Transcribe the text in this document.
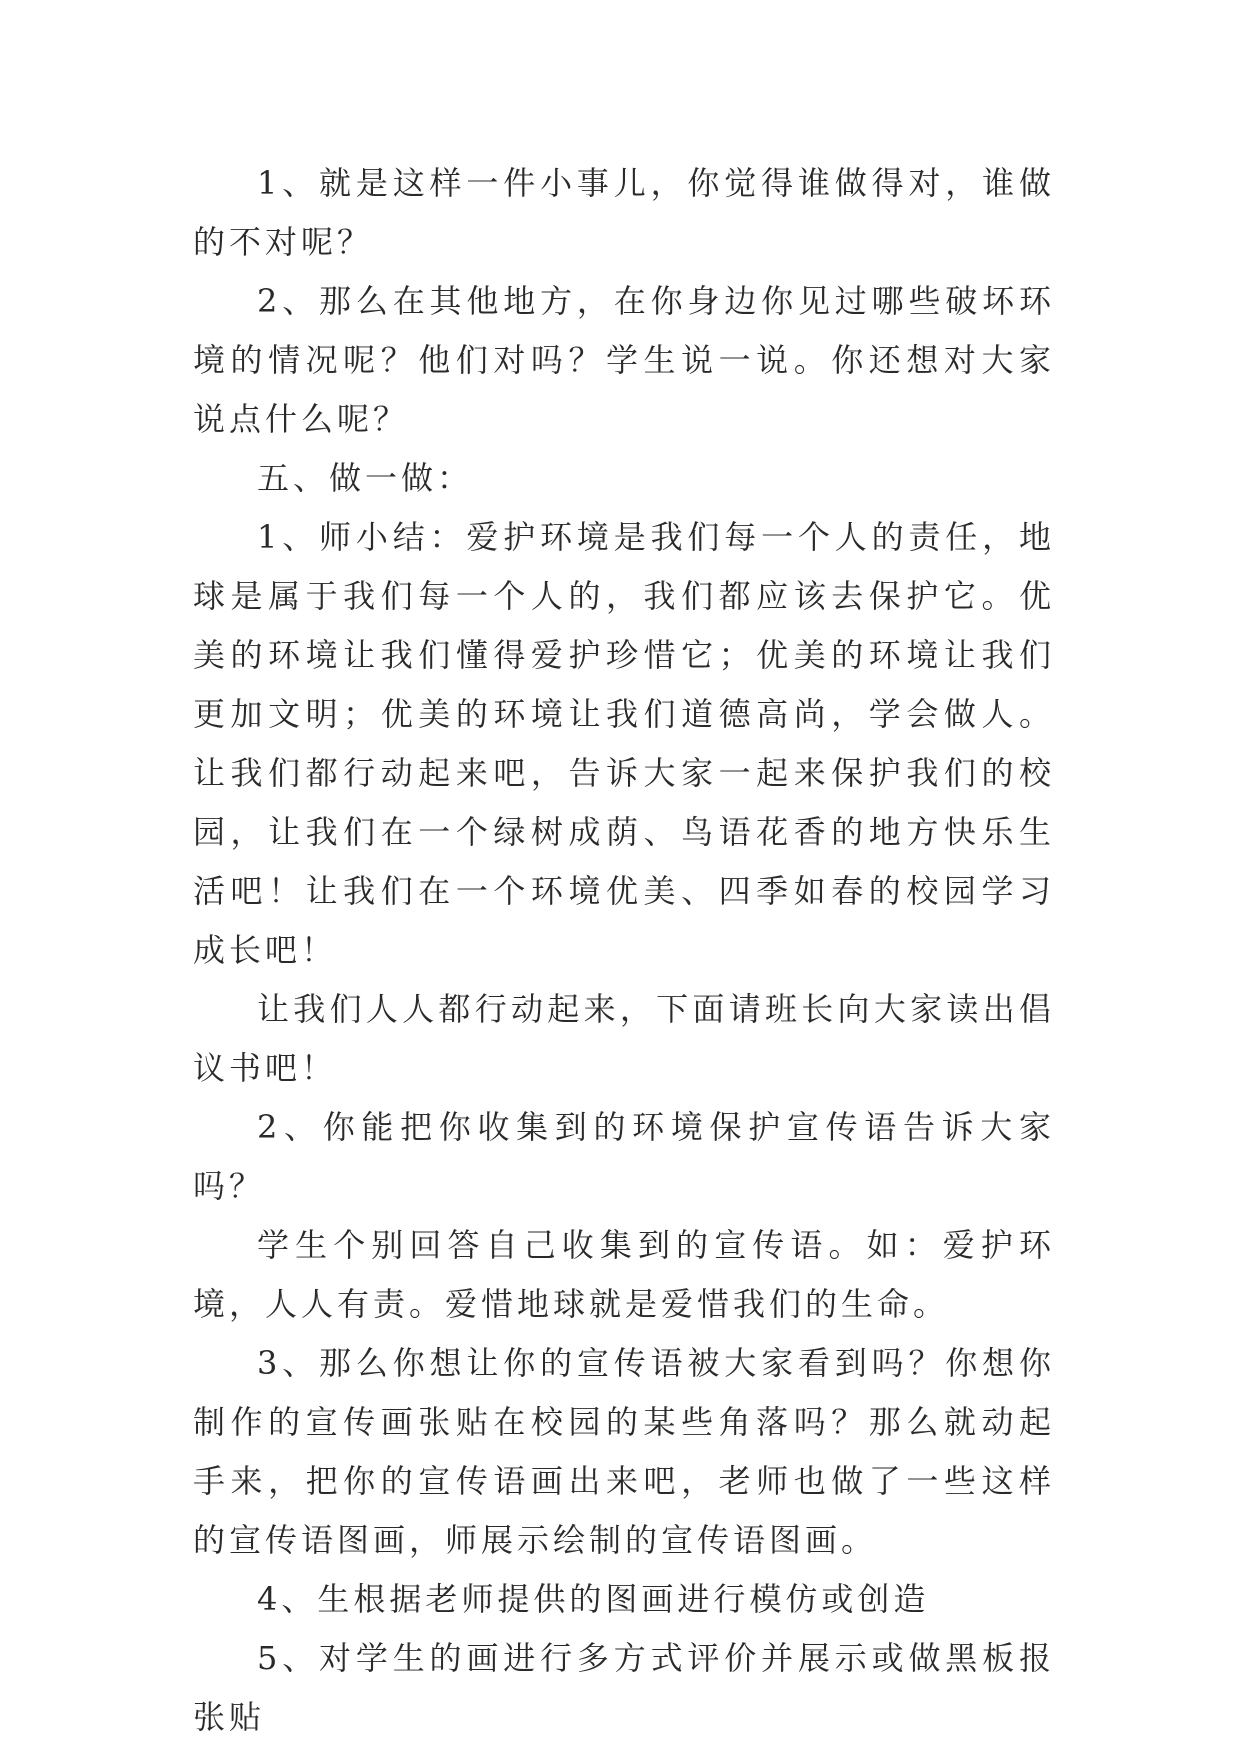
1、就是这样一件小事儿，你觉得谁做得对，谁做的不对呢？

2、那么在其他地方，在你身边你见过哪些破坏环境的情况呢？他们对吗？学生说一说。你还想对大家说点什么呢？

五、做一做：

1、师小结：爱护环境是我们每一个人的责任，地球是属于我们每一个人的，我们都应该去保护它。优美的环境让我们懂得爱护珍惜它；优美的环境让我们更加文明；优美的环境让我们道德高尚，学会做人。让我们都行动起来吧，告诉大家一起来保护我们的校园，让我们在一个绿树成荫、鸟语花香的地方快乐生活吧！让我们在一个环境优美、四季如春的校园学习成长吧！

让我们人人都行动起来，下面请班长向大家读出倡议书吧！

2、你能把你收集到的环境保护宣传语告诉大家吗？

学生个别回答自己收集到的宣传语。如：爱护环境，人人有责。爱惜地球就是爱惜我们的生命。

3、那么你想让你的宣传语被大家看到吗？你想你制作的宣传画张贴在校园的某些角落吗？那么就动起手来，把你的宣传语画出来吧，老师也做了一些这样的宣传语图画，师展示绘制的宣传语图画。

4、生根据老师提供的图画进行模仿或创造

5、对学生的画进行多方式评价并展示或做黑板报张贴
